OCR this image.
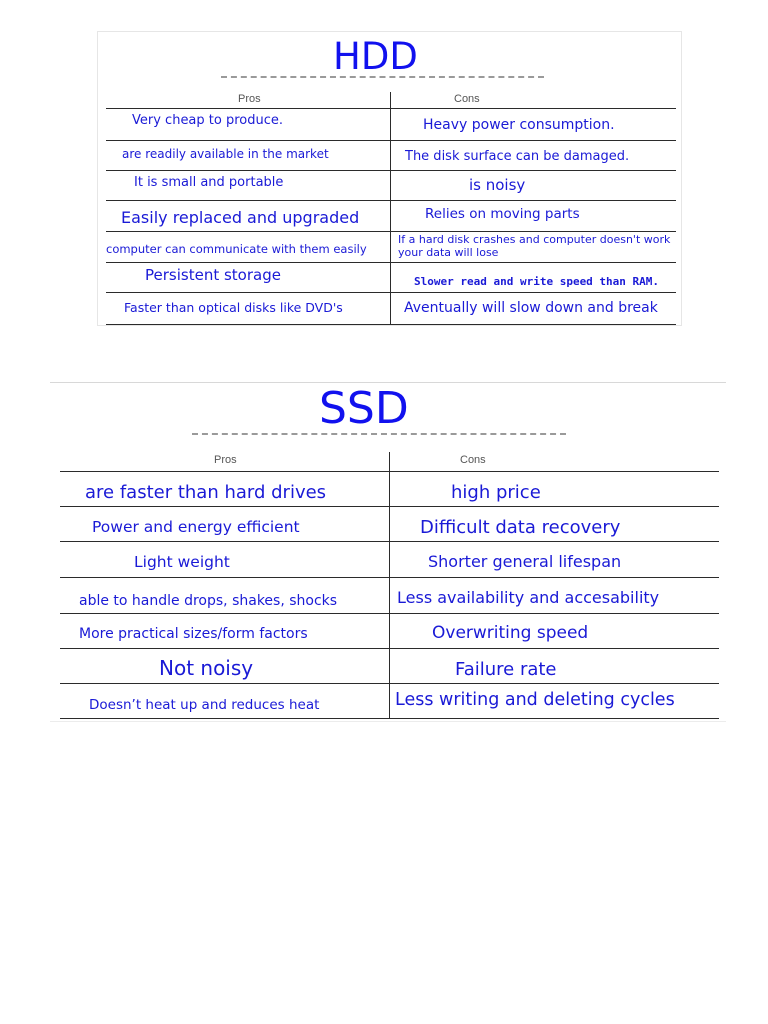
HDD
Pros	Cons
Very cheap to produce.
are readily available in the market
It is small and portable
Easily replaced and upgraded
computer can communicate with them easily
Persistent storage
Faster than optical disks like DVD's
Heavy power consumption.
The disk surface can be damaged.
is noisy
Relies on moving parts
If a hard disk crashes and computer doesn't work your data will lose
Slower read and write speed than RAM.
Aventually will slow down and break
SSD
Pros	Cons
are faster than hard drives
Power and energy efficient
Light weight
able to handle drops, shakes, shocks
More practical sizes/form factors
Not noisy
Doesn’t heat up and reduces heat
high price
Difficult data recovery
Shorter general lifespan
Less availability and accesability
Overwriting speed
Failure rate
Less writing and deleting cycles
